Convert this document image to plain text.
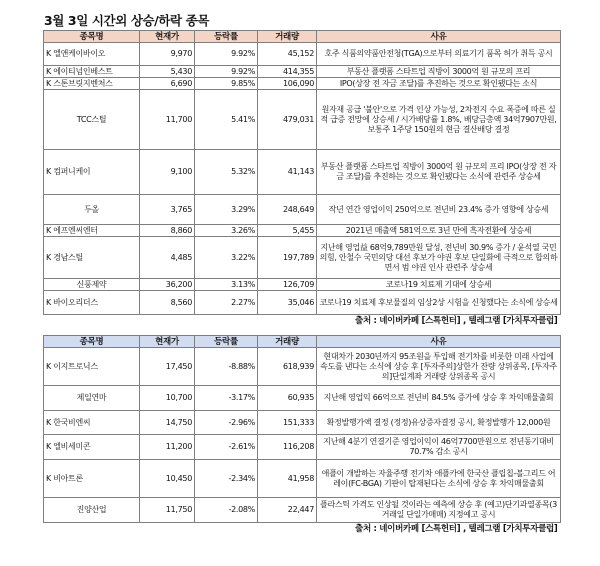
3월 3일 시간외 상승/하락 종목
종목명	현재가	등락률	거래량	사유
K 엘앤케이바이오	9,970	9.92%	45,152	호주 식품의약품안전청(TGA)으로부터 의료기기 품목 허가 취득 공시
K 에이티넘인베스트	5,430	9.92%	414,355	부동산 플랫폼 스타트업 직방이 3000억 원 규모의 프리
K 스톤브릿지벤처스	6,690	9.85%	106,090	IPO(상장 전 자금 조달)를 추진하는 것으로 확인됐다는 소식
TCC스틸	11,700	5.41%	479,031	원자재 공급 '불안'으로 가격 인상 가능성, 2차전지 수요 폭증에 따른 실적 급증 전망에 상승세 / 시가배당률 1.8%, 배당금총액 34억7907만원, 보통주 1주당 150원의 현금 결산배당 결정
K 컴퍼니케이	9,100	5.32%	41,143	부동산 플랫폼 스타트업 직방이 3000억 원 규모의 프리 IPO(상장 전 자금 조달)를 추진하는 것으로 확인됐다는 소식에 관련주 상승세
두올	3,765	3.29%	248,649	작년 연간 영업이익 250억으로 전년비 23.4% 증가 영향에 상승세
K 에프엔씨엔터	8,860	3.26%	5,455	2021년 매출액 581억으로 3년 만에 흑자전환에 상승세
K 경남스틸	4,485	3.22%	197,789	지난해 영업益 68억9,789만원 달성, 전년비 30.9% 증가 / 윤석열 국민의힘, 안철수 국민의당 대선 후보가 야권 후보 단일화에 극적으로 합의하면서 범 야권 인사 관련주 상승세
신풍제약	36,200	3.13%	126,709	코로나19 치료제 기대에 상승세
K 바이오리더스	8,560	2.27%	35,046	코로나19 치료제 후보물질의 임상2상 시험을 신청했다는 소식에 상승세
출처 : 네이버카페 [스톡헌터] , 텔레그램 [가치투자클럽]				
종목명	현재가	등락률	거래량	사유
K 이지트로닉스	17,450	-8.88%	618,939	현대차가 2030년까지 95조원을 투입해 전기차를 비롯한 미래 사업에 속도를 낸다는 소식에 상승 후 [투자주의]상한가 잔량 상위종목, [투자주의]단일계좌 거래량 상위종목 공시
제일연마	10,700	-3.17%	60,935	지난해 영업익 66억으로 전년비 84.5% 증가에 상승 후 차익매물출회
K 한국비엔씨	14,750	-2.96%	151,333	확정발행가액 결정 (정정)유상증자결정 공시, 확정발행가 12,000원
K 엘비세미콘	11,200	-2.61%	116,208	지난해 4분기 연결기준 영업이익이 46억7700만원으로 전년동기대비 70.7% 감소 공시
K 비아트론	10,450	-2.34%	41,958	애플이 개발하는 자율주행 전기차 애플카에 한국산 플립칩-볼그리드 어레이(FC-BGA) 기판이 탑재된다는 소식에 상승 후 차익매물출회
진양산업	11,750	-2.08%	22,447	플라스틱 가격도 인상될 것이라는 예측에 상승 후 (예고)단기과열종목(3거래일 단일가매매) 지정예고 공시
출처 : 네이버카페 [스톡헌터] , 텔레그램 [가치투자클럽]				
